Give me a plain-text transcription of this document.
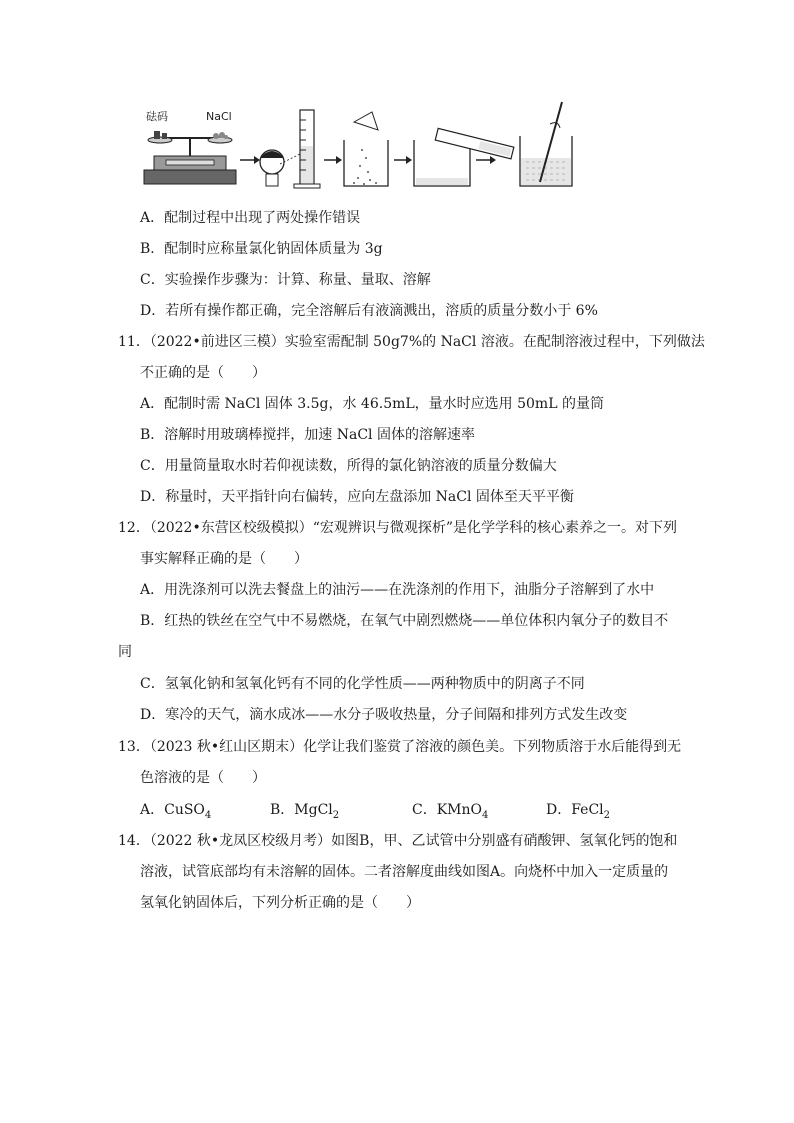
砝码	NaCl
A．配制过程中出现了两处操作错误
B．配制时应称量氯化钠固体质量为 3g
C．实验操作步骤为：计算、称量、量取、溶解
D．若所有操作都正确，完全溶解后有液滴溅出，溶质的质量分数小于 6%
11．（2022•前进区三模）实验室需配制 50g7%的 NaCl 溶液。在配制溶液过程中，下列做法
不正确的是（　　）
A．配制时需 NaCl 固体 3.5g，水 46.5mL，量水时应选用 50mL 的量筒
B．溶解时用玻璃棒搅拌，加速 NaCl 固体的溶解速率
C．用量筒量取水时若仰视读数，所得的氯化钠溶液的质量分数偏大
D．称量时，天平指针向右偏转，应向左盘添加 NaCl 固体至天平平衡
12．（2022•东营区校级模拟）“宏观辨识与微观探析”是化学学科的核心素养之一。对下列
事实解释正确的是（　　）
A．用洗涤剂可以洗去餐盘上的油污——在洗涤剂的作用下，油脂分子溶解到了水中
B．红热的铁丝在空气中不易燃烧，在氧气中剧烈燃烧——单位体积内氧分子的数目不
同
C．氢氧化钠和氢氧化钙有不同的化学性质——两种物质中的阴离子不同
D．寒冷的天气，滴水成冰——水分子吸收热量，分子间隔和排列方式发生改变
13．（2023 秋•红山区期末）化学让我们鉴赏了溶液的颜色美。下列物质溶于水后能得到无
色溶液的是（　　）
A．CuSO$_4$	B．MgCl$_2$	C．KMnO$_4$	D．FeCl$_2$
14．（2022 秋•龙凤区校级月考）如图B，甲、乙试管中分别盛有硝酸钾、氢氧化钙的饱和
溶液，试管底部均有未溶解的固体。二者溶解度曲线如图A。向烧杯中加入一定质量的
氢氧化钠固体后，下列分析正确的是（　　）
